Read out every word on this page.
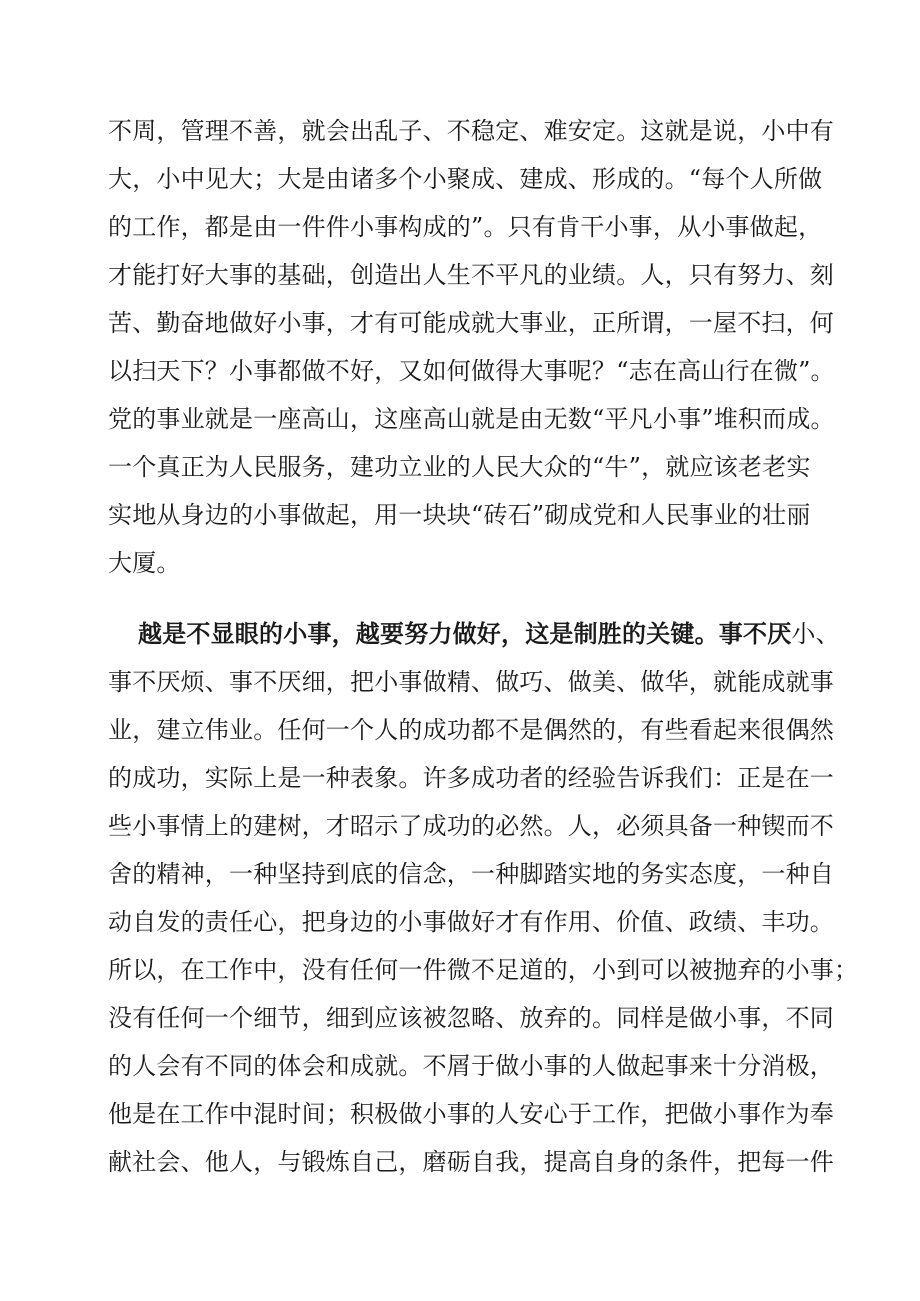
不周，管理不善，就会出乱子、不稳定、难安定。这就是说，小中有
大，小中见大；大是由诸多个小聚成、建成、形成的。“每个人所做
的工作，都是由一件件小事构成的”。只有肯干小事，从小事做起，
才能打好大事的基础，创造出人生不平凡的业绩。人，只有努力、刻
苦、勤奋地做好小事，才有可能成就大事业，正所谓，一屋不扫，何
以扫天下？小事都做不好，又如何做得大事呢？“志在高山行在微”。
党的事业就是一座高山，这座高山就是由无数“平凡小事”堆积而成。
一个真正为人民服务，建功立业的人民大众的“牛”，就应该老老实
实地从身边的小事做起，用一块块“砖石”砌成党和人民事业的壮丽
大厦。
越是不显眼的小事，越要努力做好，这是制胜的关键。事不厌小、
事不厌烦、事不厌细，把小事做精、做巧、做美、做华，就能成就事
业，建立伟业。任何一个人的成功都不是偶然的，有些看起来很偶然
的成功，实际上是一种表象。许多成功者的经验告诉我们：正是在一
些小事情上的建树，才昭示了成功的必然。人，必须具备一种锲而不
舍的精神，一种坚持到底的信念，一种脚踏实地的务实态度，一种自
动自发的责任心，把身边的小事做好才有作用、价值、政绩、丰功。
所以，在工作中，没有任何一件微不足道的，小到可以被抛弃的小事；
没有任何一个细节，细到应该被忽略、放弃的。同样是做小事，不同
的人会有不同的体会和成就。不屑于做小事的人做起事来十分消极，
他是在工作中混时间；积极做小事的人安心于工作，把做小事作为奉
献社会、他人，与锻炼自己，磨砺自我，提高自身的条件，把每一件
